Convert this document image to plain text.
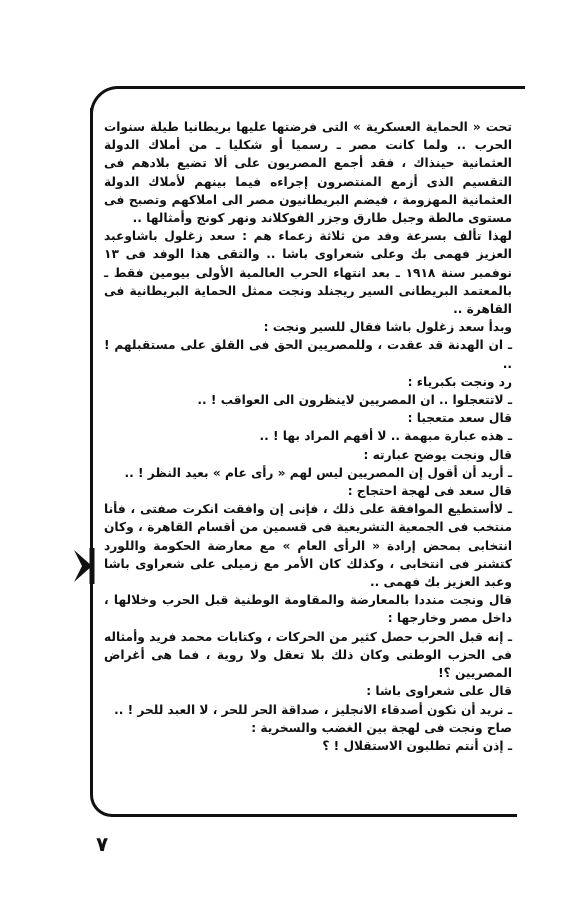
تحت « الحماية العسكرية » التى فرضتها عليها بريطانيا طيلة سنوات الحرب .. ولما كانت مصر ـ رسميا أو شكليا ـ من أملاك الدولة العثمانية حينذاك ، فقد أجمع المصريون على ألا تضيع بلادهم فى التقسيم الذى أزمع المنتصرون إجراءه فيما بينهم لأملاك الدولة العثمانية المهزومة ، فيضم البريطانيون مصر الى املاكهم وتصبح فى مستوى مالطة وجبل طارق وجزر الفوكلاند ونهر كونج وأمثالها ..

لهذا تألف بسرعة وفد من ثلاثة زعماء هم : سعد زغلول باشاوعبد العزيز فهمى بك وعلى شعراوى باشا .. والتقى هذا الوفد فى ١٣ نوفمبر سنة ١٩١٨ ـ بعد انتهاء الحرب العالمية الأولى بيومين فقط ـ بالمعتمد البريطانى السير ريجنلد ونجت ممثل الحماية البريطانية فى القاهرة ..

وبدأ سعد زغلول باشا فقال للسير ونجت :

ـ ان الهدنة قد عقدت ، وللمصريين الحق فى القلق على مستقبلهم ! ..

رد ونجت بكبرياء :

ـ لاتتعجلوا .. ان المصريين لاينظرون الى العواقب ! ..

قال سعد متعجبا :

ـ هذه عبارة مبهمة .. لا أفهم المراد بها ! ..

قال ونجت يوضح عبارته :

ـ أريد أن أقول إن المصريين ليس لهم « رأى عام » بعيد النظر ! ..

قال سعد فى لهجة احتجاج :

ـ لاأستطيع الموافقة على ذلك ، فإنى إن وافقت انكرت صفتى ، فأنا منتخب فى الجمعية التشريعية فى قسمين من أقسام القاهرة ، وكان انتخابى بمحض إرادة « الرأى العام » مع معارضة الحكومة واللورد كتشنر فى انتخابى ، وكذلك كان الأمر مع زميلى على شعراوى باشا وعبد العزيز بك فهمى ..

قال ونجت منددا بالمعارضة والمقاومة الوطنية قبل الحرب وخلالها ، داخل مصر وخارجها :

ـ إنه قبل الحرب حصل كثير من الحركات ، وكتابات محمد فريد وأمثاله فى الحزب الوطنى وكان ذلك بلا تعقل ولا روية ، فما هى أغراض المصريين ؟!

قال على شعراوى باشا :

ـ نريد أن نكون أصدقاء الانجليز ، صداقة الحر للحر ، لا العبد للحر ! ..

صاح ونجت فى لهجة بين الغضب والسخرية :

ـ إذن أنتم تطلبون الاستقلال ! ؟

٧
